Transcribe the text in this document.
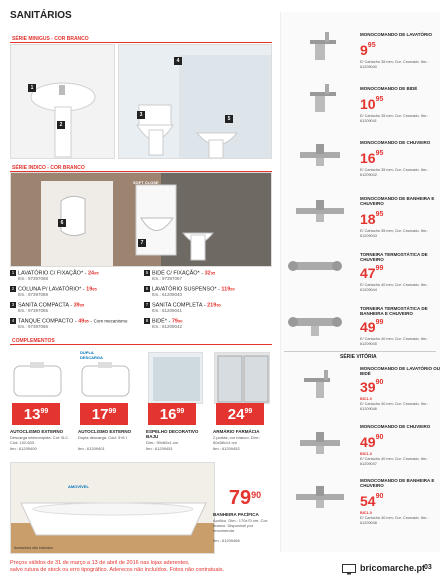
SANITÁRIOS
SÉRIE MINIGUS - COR BRANCO
1
2
3
4
5
SÉRIE INDICO - COR BRANCO
6
7
SOFT CLOSE
1 LAVATÓRIO C/ FIXAÇÃO* - 2495
Itm.: 97397068
2 COLUNA P/ LAVATÓRIO* - 1995
Itm.: 97397069
3 SANITA COMPACTA - 3995
Itm.: 97397065
4 TANQUE COMPACTO - 4995 - Com mecanismo
Itm.: 97397066
5 BIDÉ C/ FIXAÇÃO* - 3295
Itm.: 97397067
6 LAVATÓRIO SUSPENSO* - 11990
Itm.: 61209040
7 SANITA COMPLETA - 21990
Itm.: 61209041
8 BIDÉ* - 7990
Itm.: 61209042
COMPLEMENTOS
DUPLA DESCARGA
$13^{99}$	$17^{99}$	$16^{99}$	$24^{99}$
AUTOCLISMO EXTERNO
Descarga interrompida. Cor: B.C. Cód: 102.603
Itm.: 61209400
AUTOCLISMO EXTERNO
Dupla descarga. Cód: 3+6 l
Itm.: 61209401
ESPELHO DECORATIVO BAJU
Dim.: 90x60x1 cm
Itm.: 61209451
ARMÁRIO FARMÁCIA
2 portas, cor branco. Dim.: 60x58x14 cm
Itm.: 61209452
AMOVÍVEL
Acessórios não incluídos
79 90
BANHEIRA PACÍFICA
Acrílico. Dim.: 170x70 cm. Cor: branco. Disponível por encomenda
Itm.: 61209466
MONOCOMANDO DE LAVATÓRIO
$9^{95}$
E/ Cartucho 35 mm; Cor: Cromado. Itm.: 61209040
MONOCOMANDO DE BIDÉ
$10^{95}$
E/ Cartucho 35 mm; Cor: Cromado. Itm.: 61209041
MONOCOMANDO DE CHUVEIRO
$16^{95}$
E/ Cartucho 35 mm; Cor: Cromado. Itm.: 61209042
MONOCOMANDO DE BANHEIRA E CHUVEIRO
$18^{95}$
E/ Cartucho 35 mm; Cor: Cromado. Itm.: 61209043
TORNEIRA TERMOSTÁTICA DE CHUVEIRO
$47^{99}$
E/ Cartucho 40 mm; Cor: Cromado. Itm.: 61209044
TORNEIRA TERMOSTÁTICA DE BANHEIRA E CHUVEIRO
$49^{99}$
E/ Cartucho 40 mm; Cor: Cromado. Itm.: 61209045
SÉRIE VITÓRIA
MONOCOMANDO DE LAVATÓRIO OU BIDÉ
$39^{90}$
BIC1.0
E/ Cartucho 40 mm; Cor: Cromado. Itm.: 61209046
MONOCOMANDO DE CHUVEIRO
$49^{90}$
BIC1.0
E/ Cartucho 40 mm; Cor: Cromado. Itm.: 61209047
MONOCOMANDO DE BANHEIRA E CHUVEIRO
$54^{90}$
BIC1.0
E/ Cartucho 40 mm; Cor: Cromado. Itm.: 61209048
Preços válidos de 31 de março a 13 de abril de 2016 nas lojas aderentes,
salvo rutura de stock ou erro tipográfico. Aderecos não incluídos. Fotos não contratuais.	bricomarche.pt
03
